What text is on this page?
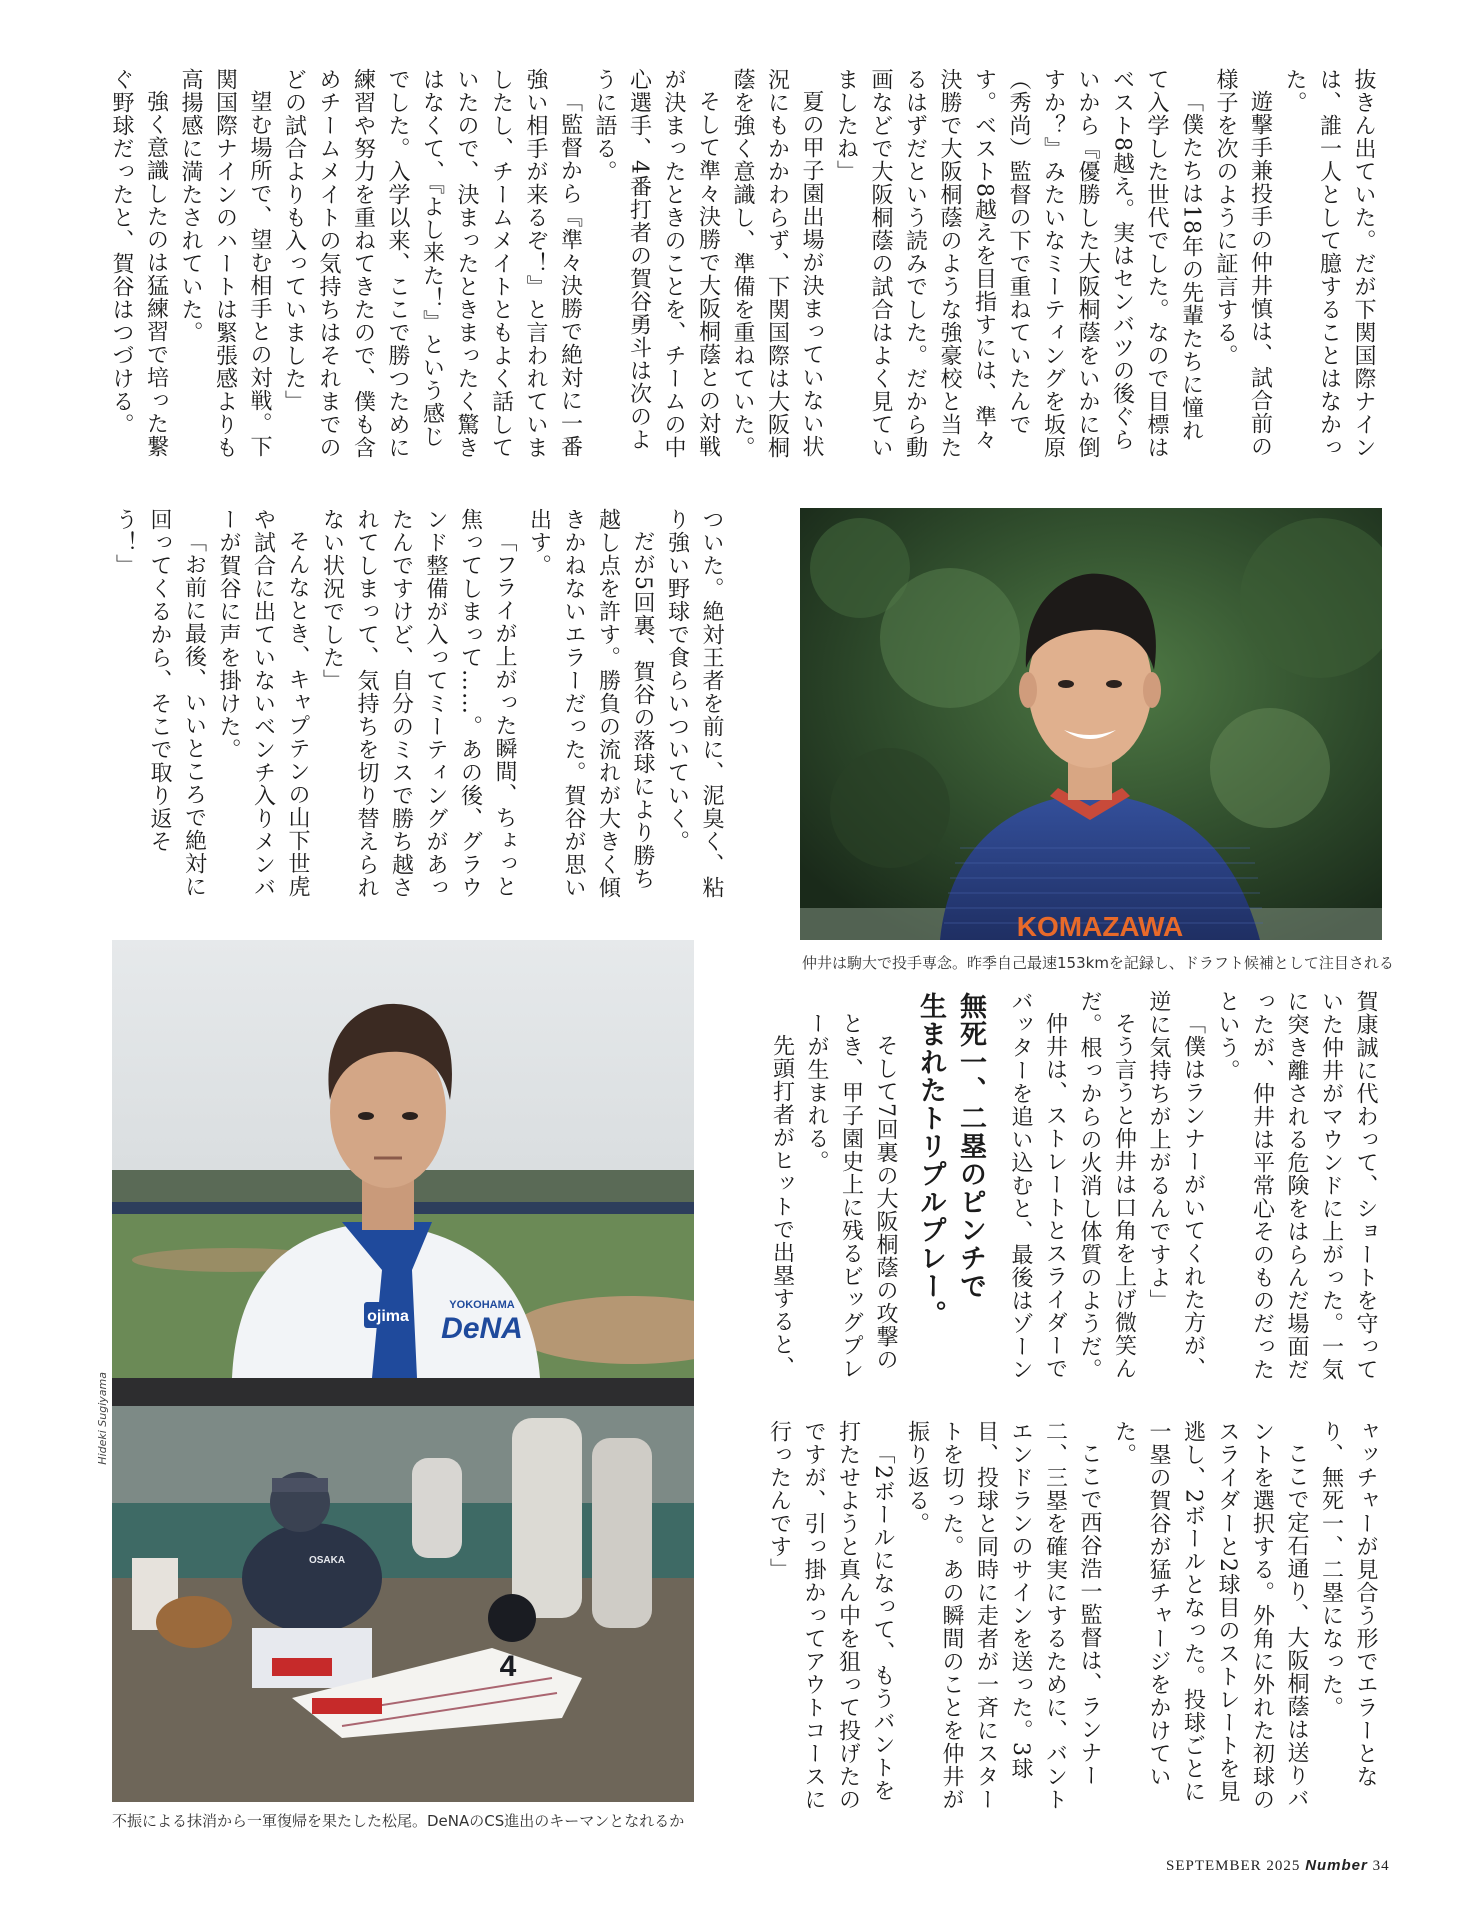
抜きん出ていた。だが下関国際ナインは、誰一人として臆することはなかった。

遊撃手兼投手の仲井慎は、試合前の様子を次のように証言する。

「僕たちは18年の先輩たちに憧れて入学した世代でした。なので目標はベスト8越え。実はセンバツの後ぐらいから『優勝した大阪桐蔭をいかに倒すか？』みたいなミーティングを坂原（秀尚）監督の下で重ねていたんです。ベスト8越えを目指すには、準々決勝で大阪桐蔭のような強豪校と当たるはずだという読みでした。だから動画などで大阪桐蔭の試合はよく見ていましたね」

夏の甲子園出場が決まっていない状況にもかかわらず、下関国際は大阪桐蔭を強く意識し、準備を重ねていた。

そして準々決勝で大阪桐蔭との対戦が決まったときのことを、チームの中心選手、4番打者の賀谷勇斗は次のように語る。

「監督から『準々決勝で絶対に一番強い相手が来るぞ！』と言われていましたし、チームメイトともよく話していたので、決まったときまったく驚きはなくて、『よし来た！』という感じでした。入学以来、ここで勝つために練習や努力を重ねてきたので、僕も含めチームメイトの気持ちはそれまでのどの試合よりも入っていました」

望む場所で、望む相手との対戦。下関国際ナインのハートは緊張感よりも高揚感に満たされていた。

強く意識したのは猛練習で培った繋ぐ野球だったと、賀谷はつづける。

ついた。絶対王者を前に、泥臭く、粘り強い野球で食らいついていく。

だが5回裏、賀谷の落球により勝ち越し点を許す。勝負の流れが大きく傾きかねないエラーだった。賀谷が思い出す。

「フライが上がった瞬間、ちょっと焦ってしまって……。あの後、グラウンド整備が入ってミーティングがあったんですけど、自分のミスで勝ち越されてしまって、気持ちを切り替えられない状況でした」

そんなとき、キャプテンの山下世虎や試合に出ていないベンチ入りメンバーが賀谷に声を掛けた。

「お前に最後、いいところで絶対に回ってくるから、そこで取り返そう！」

KOMAZAWA
仲井は駒大で投手専念。昨季自己最速153kmを記録し、ドラフト候補として注目される
ojima
YOKOHAMA
DeNA
4
OSAKA
Hideki Sugiyama
不振による抹消から一軍復帰を果たした松尾。DeNAのCS進出のキーマンとなれるか

賀康誠に代わって、ショートを守っていた仲井がマウンドに上がった。一気に突き離される危険をはらんだ場面だったが、仲井は平常心そのものだったという。

「僕はランナーがいてくれた方が、逆に気持ちが上がるんですよ」

そう言うと仲井は口角を上げ微笑んだ。根っからの火消し体質のようだ。

仲井は、ストレートとスライダーでバッターを追い込むと、最後はゾーン

無死一、二塁のピンチで
生まれたトリプルプレー。

そして7回裏の大阪桐蔭の攻撃のとき、甲子園史上に残るビッグプレーが生まれる。

先頭打者がヒットで出塁すると、

ャッチャーが見合う形でエラーとなり、無死一、二塁になった。

ここで定石通り、大阪桐蔭は送りバントを選択する。外角に外れた初球のスライダーと2球目のストレートを見逃し、2ボールとなった。投球ごとに一塁の賀谷が猛チャージをかけていた。

ここで西谷浩一監督は、ランナー二、三塁を確実にするために、バントエンドランのサインを送った。3球目、投球と同時に走者が一斉にスタートを切った。あの瞬間のことを仲井が振り返る。

「2ボールになって、もうバントを打たせようと真ん中を狙って投げたのですが、引っ掛かってアウトコースに行ったんです」

SEPTEMBER 2025 Number 34
